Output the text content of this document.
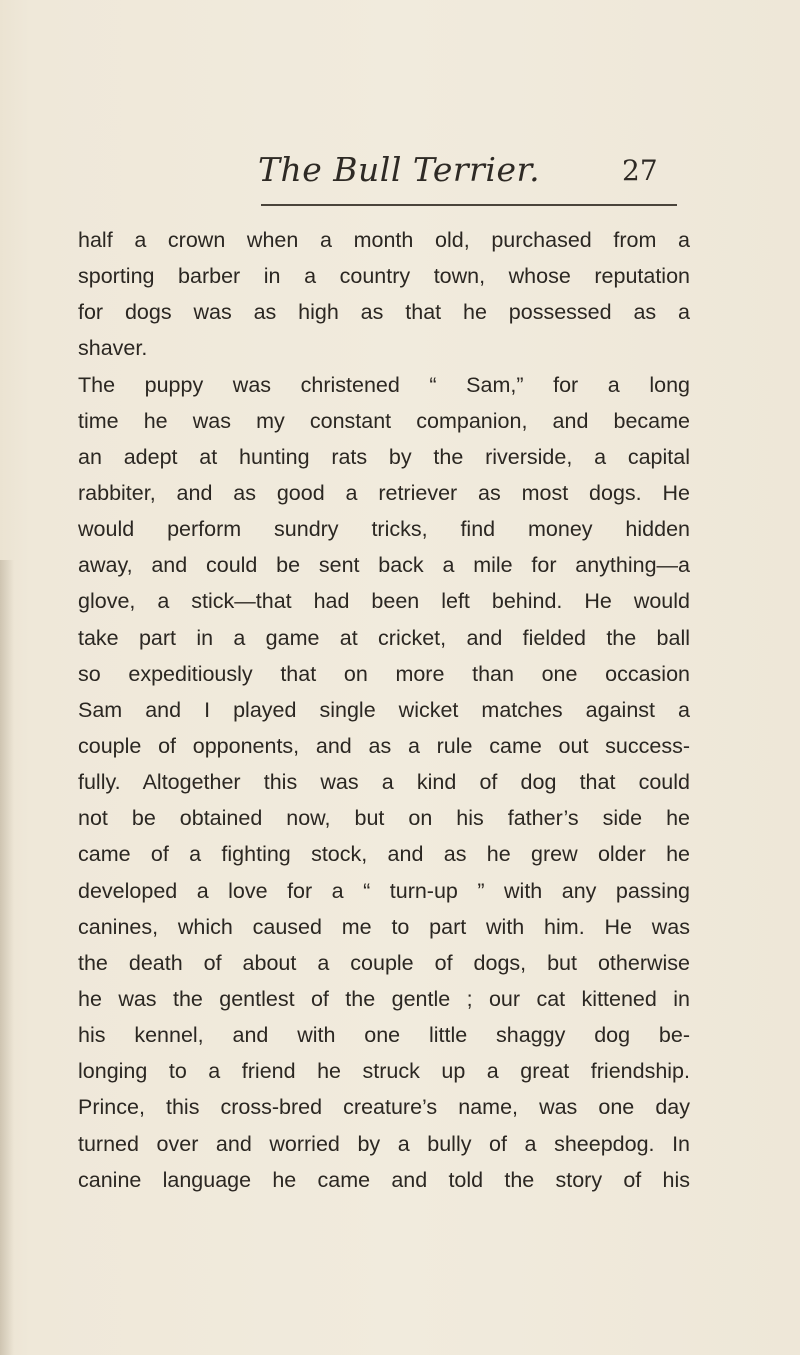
The Bull Terrier.	27
half a crown when a month old, purchased from a
sporting barber in a country town, whose reputation
for dogs was as high as that he possessed as a
shaver.
The puppy was christened “ Sam,” for a long
time he was my constant companion, and became
an adept at hunting rats by the riverside, a capital
rabbiter, and as good a retriever as most dogs. He
would perform sundry tricks, find money hidden
away, and could be sent back a mile for anything—a
glove, a stick—that had been left behind. He would
take part in a game at cricket, and fielded the ball
so expeditiously that on more than one occasion
Sam and I played single wicket matches against a
couple of opponents, and as a rule came out success-
fully. Altogether this was a kind of dog that could
not be obtained now, but on his father’s side he
came of a fighting stock, and as he grew older he
developed a love for a “ turn-up ” with any passing
canines, which caused me to part with him. He was
the death of about a couple of dogs, but otherwise
he was the gentlest of the gentle ; our cat kittened in
his kennel, and with one little shaggy dog be-
longing to a friend he struck up a great friendship.
Prince, this cross-bred creature’s name, was one day
turned over and worried by a bully of a sheepdog. In
canine language he came and told the story of his
